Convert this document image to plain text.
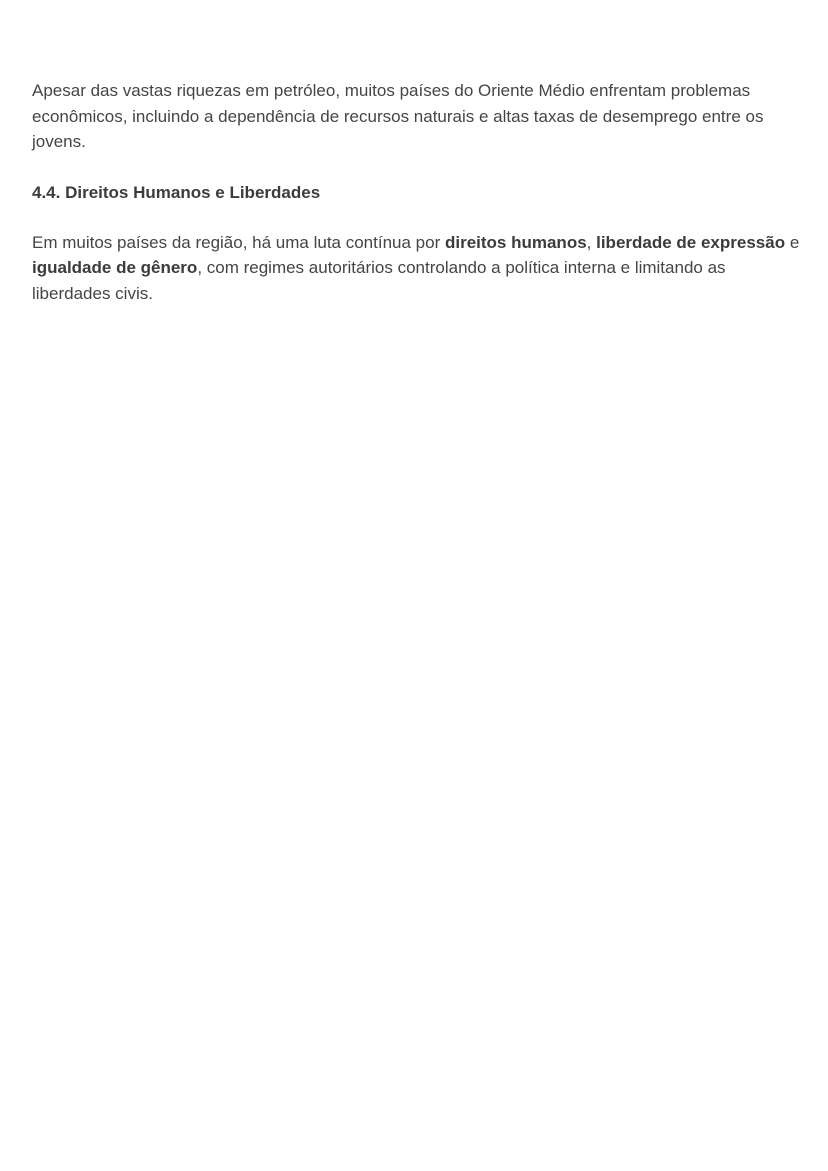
Apesar das vastas riquezas em petróleo, muitos países do Oriente Médio enfrentam problemas econômicos, incluindo a dependência de recursos naturais e altas taxas de desemprego entre os jovens.

4.4. Direitos Humanos e Liberdades

Em muitos países da região, há uma luta contínua por direitos humanos, liberdade de expressão e igualdade de gênero, com regimes autoritários controlando a política interna e limitando as liberdades civis.
